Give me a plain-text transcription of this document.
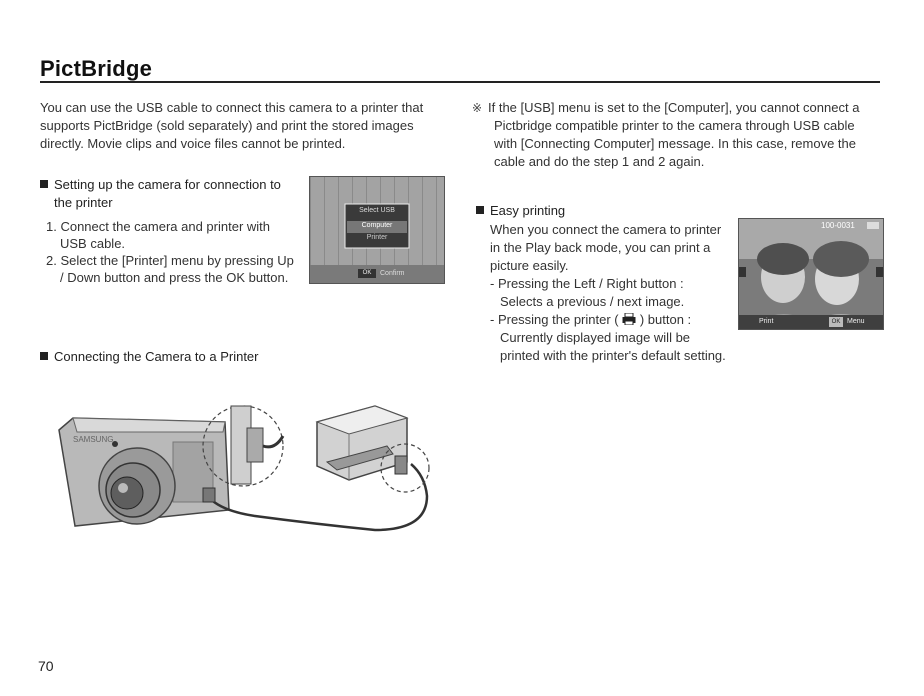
PictBridge

You can use the USB cable to connect this camera to a printer that
supports PictBridge (sold separately) and print the stored images
directly. Movie clips and voice files cannot be printed.

Setting up the camera for connection to
the printer
1. Connect the camera and printer with
USB cable.
2. Select the [Printer] menu by pressing Up
/ Down button and press the OK button.
Select USB
Computer
Printer
OK	Confirm
Connecting the Camera to a Printer
SAMSUNG
※ If the [USB] menu is set to the [Computer], you cannot connect a
Pictbridge compatible printer to the camera through USB cable
with [Connecting Computer] message. In this case, remove the
cable and do the step 1 and 2 again.
Easy printing
When you connect the camera to printer
in the Play back mode, you can print a
picture easily.
- Pressing the Left / Right button :
Selects a previous / next image.
- Pressing the printer ( ) button :
Currently displayed image will be
printed with the printer's default setting.
100-0031
Print	OK Menu
70
